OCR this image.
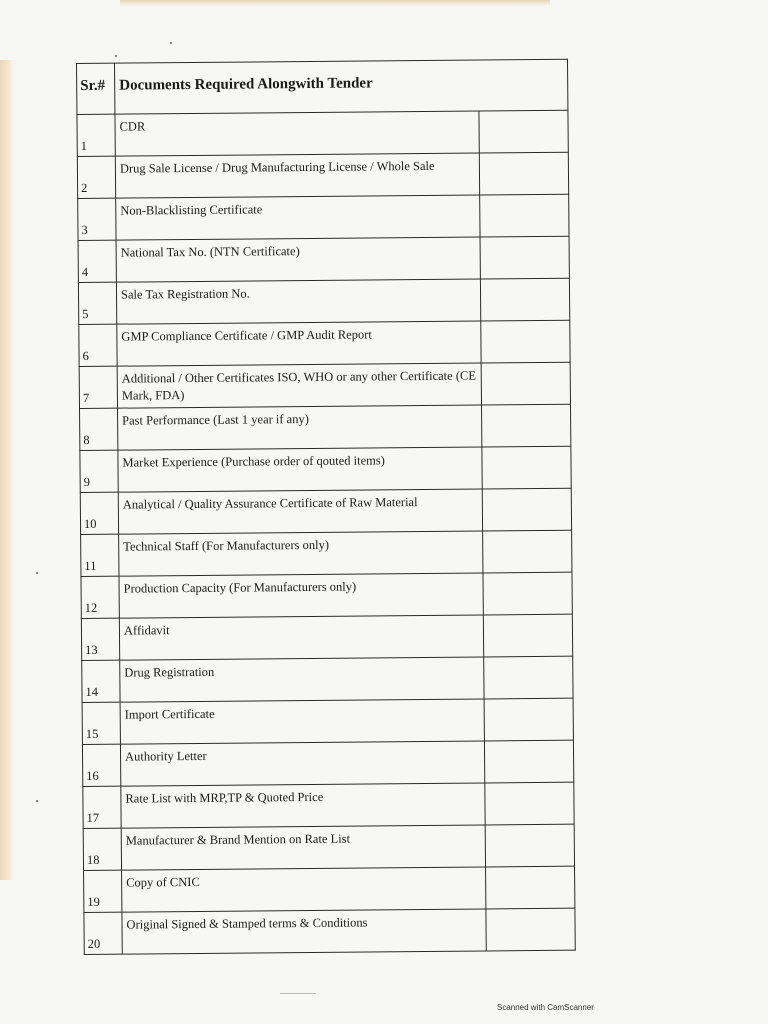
Sr.#	Documents Required Alongwith Tender	
1	CDR	
2	Drug Sale License / Drug Manufacturing License / Whole Sale	
3	Non-Blacklisting Certificate	
4	National Tax No. (NTN Certificate)	
5	Sale Tax Registration No.	
6	GMP Compliance Certificate / GMP Audit Report	
7	Additional / Other Certificates ISO, WHO or any other Certificate (CE Mark, FDA)	
8	Past Performance (Last 1 year if any)	
9	Market Experience (Purchase order of qouted items)	
10	Analytical / Quality Assurance Certificate of Raw Material	
11	Technical Staff (For Manufacturers only)	
12	Production Capacity (For Manufacturers only)	
13	Affidavit	
14	Drug Registration	
15	Import Certificate	
16	Authority Letter	
17	Rate List with MRP,TP & Quoted Price	
18	Manufacturer & Brand Mention on Rate List	
19	Copy of CNIC	
20	Original Signed & Stamped terms & Conditions	
Scanned with CamScanner
